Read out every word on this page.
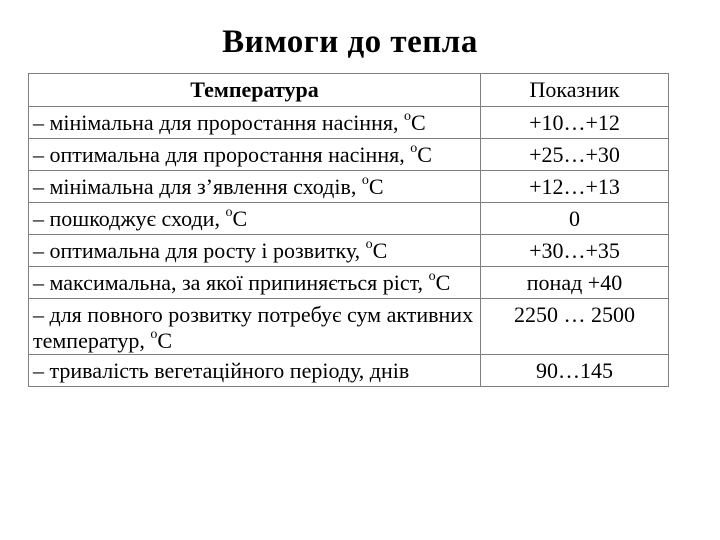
Вимоги до тепла
Температура	Показник
– мінімальна для проростання насіння, $^о$С	+10…+12
– оптимальна для проростання насіння, $^о$С	+25…+30
– мінімальна для з’явлення сходів, $^о$С	+12…+13
– пошкоджує сходи, $^о$С	0
– оптимальна для росту і розвитку, $^о$С	+30…+35
– максимальна, за якої припиняється ріст, $^о$С	понад +40
– для повного розвитку потребує сум активних температур, $^о$С	2250 … 2500
– тривалість вегетаційного періоду, днів	90…145
